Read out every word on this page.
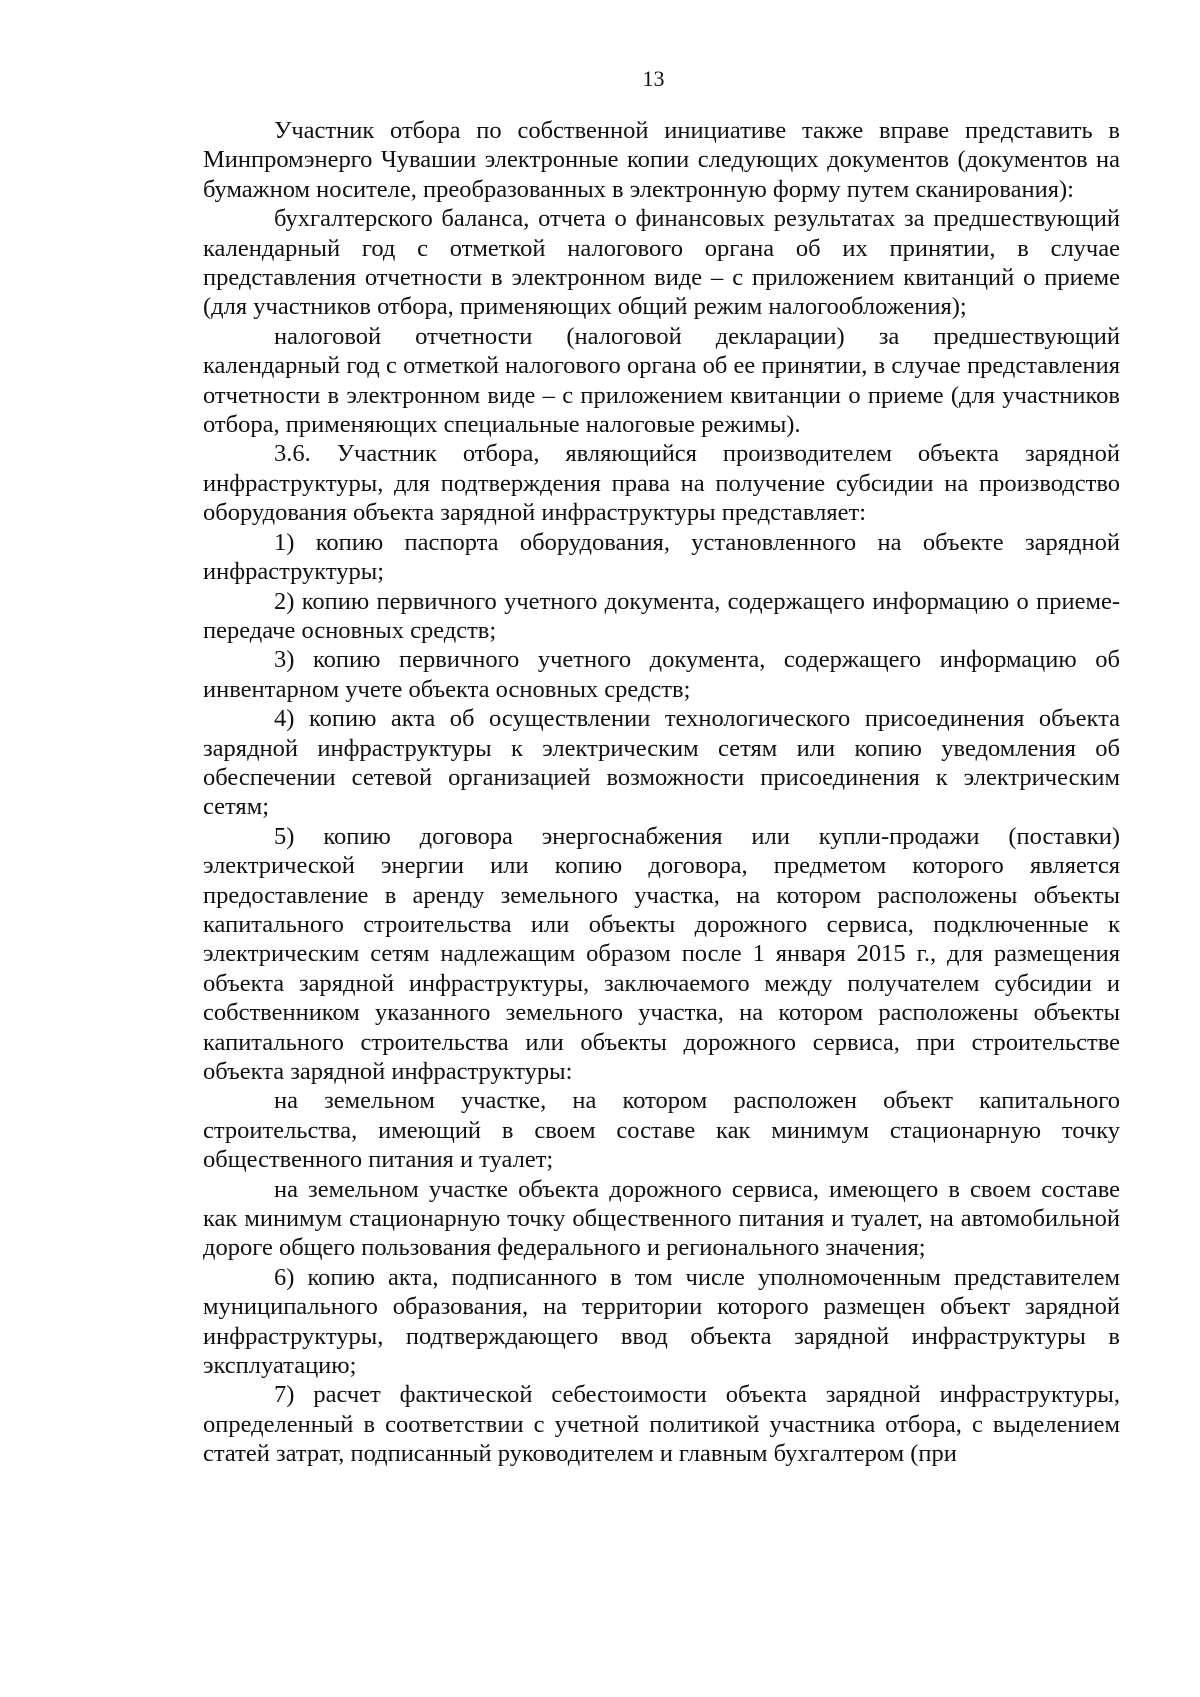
13

Участник отбора по собственной инициативе также вправе представить в Минпромэнерго Чувашии электронные копии следующих документов (документов на бумажном носителе, преобразованных в электронную форму путем сканирования):

бухгалтерского баланса, отчета о финансовых результатах за предшествующий календарный год с отметкой налогового органа об их принятии, в случае представления отчетности в электронном виде – с приложением квитанций о приеме (для участников отбора, применяющих общий режим налогообложения);

налоговой отчетности (налоговой декларации) за предшествующий календарный год с отметкой налогового органа об ее принятии, в случае представления отчетности в электронном виде – с приложением квитанции о приеме (для участников отбора, применяющих специальные налоговые режимы).

3.6. Участник отбора, являющийся производителем объекта зарядной инфраструктуры, для подтверждения права на получение субсидии на производство оборудования объекта зарядной инфраструктуры представляет:

1) копию паспорта оборудования, установленного на объекте зарядной инфраструктуры;

2) копию первичного учетного документа, содержащего информацию о приеме-передаче основных средств;

3) копию первичного учетного документа, содержащего информацию об инвентарном учете объекта основных средств;

4) копию акта об осуществлении технологического присоединения объекта зарядной инфраструктуры к электрическим сетям или копию уведомления об обеспечении сетевой организацией возможности присоединения к электрическим сетям;

5) копию договора энергоснабжения или купли-продажи (поставки) электрической энергии или копию договора, предметом которого является предоставление в аренду земельного участка, на котором расположены объекты капитального строительства или объекты дорожного сервиса, подключенные к электрическим сетям надлежащим образом после 1 января 2015 г., для размещения объекта зарядной инфраструктуры, заключаемого между получателем субсидии и собственником указанного земельного участка, на котором расположены объекты капитального строительства или объекты дорожного сервиса, при строительстве объекта зарядной инфраструктуры:

на земельном участке, на котором расположен объект капитального строительства, имеющий в своем составе как минимум стационарную точку общественного питания и туалет;

на земельном участке объекта дорожного сервиса, имеющего в своем составе как минимум стационарную точку общественного питания и туалет, на автомобильной дороге общего пользования федерального и регионального значения;

6) копию акта, подписанного в том числе уполномоченным представителем муниципального образования, на территории которого размещен объект зарядной инфраструктуры, подтверждающего ввод объекта зарядной инфраструктуры в эксплуатацию;

7) расчет фактической себестоимости объекта зарядной инфраструктуры, определенный в соответствии с учетной политикой участника отбора, с выделением статей затрат, подписанный руководителем и главным бухгалтером (при
